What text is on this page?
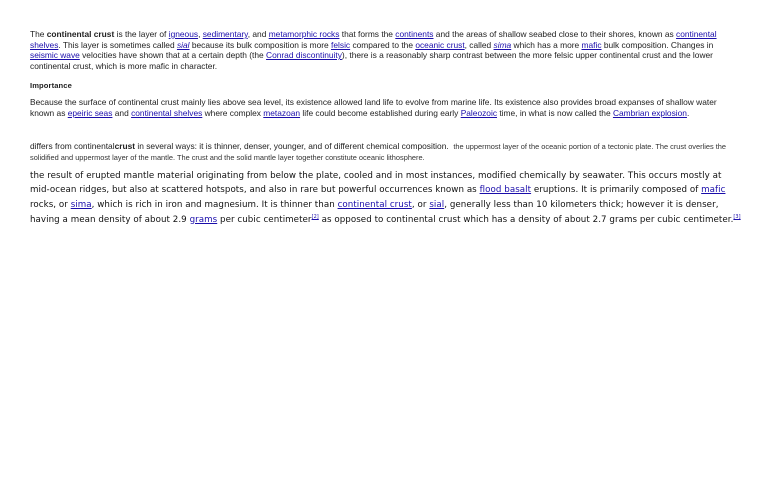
The continental crust is the layer of igneous, sedimentary, and metamorphic rocks that forms the continents and the areas of shallow seabed close to their shores, known as continental shelves. This layer is sometimes called sial because its bulk composition is more felsic compared to the oceanic crust, called sima which has a more mafic bulk composition. Changes in seismic wave velocities have shown that at a certain depth (the Conrad discontinuity), there is a reasonably sharp contrast between the more felsic upper continental crust and the lower continental crust, which is more mafic in character.

Importance

Because the surface of continental crust mainly lies above sea level, its existence allowed land life to evolve from marine life. Its existence also provides broad expanses of shallow water known as epeiric seas and continental shelves where complex metazoan life could become established during early Paleozoic time, in what is now called the Cambrian explosion.

differs from continentalcrust in several ways: it is thinner, denser, younger, and of different chemical composition. the uppermost layer of the oceanic portion of a tectonic plate. The crust overlies the solidified and uppermost layer of the mantle. The crust and the solid mantle layer together constitute oceanic lithosphere.

the result of erupted mantle material originating from below the plate, cooled and in most instances, modified chemically by seawater. This occurs mostly at mid-ocean ridges, but also at scattered hotspots, and also in rare but powerful occurrences known as flood basalt eruptions. It is primarily composed of mafic rocks, or sima, which is rich in iron and magnesium. It is thinner than continental crust, or sial, generally less than 10 kilometers thick; however it is denser, having a mean density of about 2.9 grams per cubic centimeter[2] as opposed to continental crust which has a density of about 2.7 grams per cubic centimeter.[3]
